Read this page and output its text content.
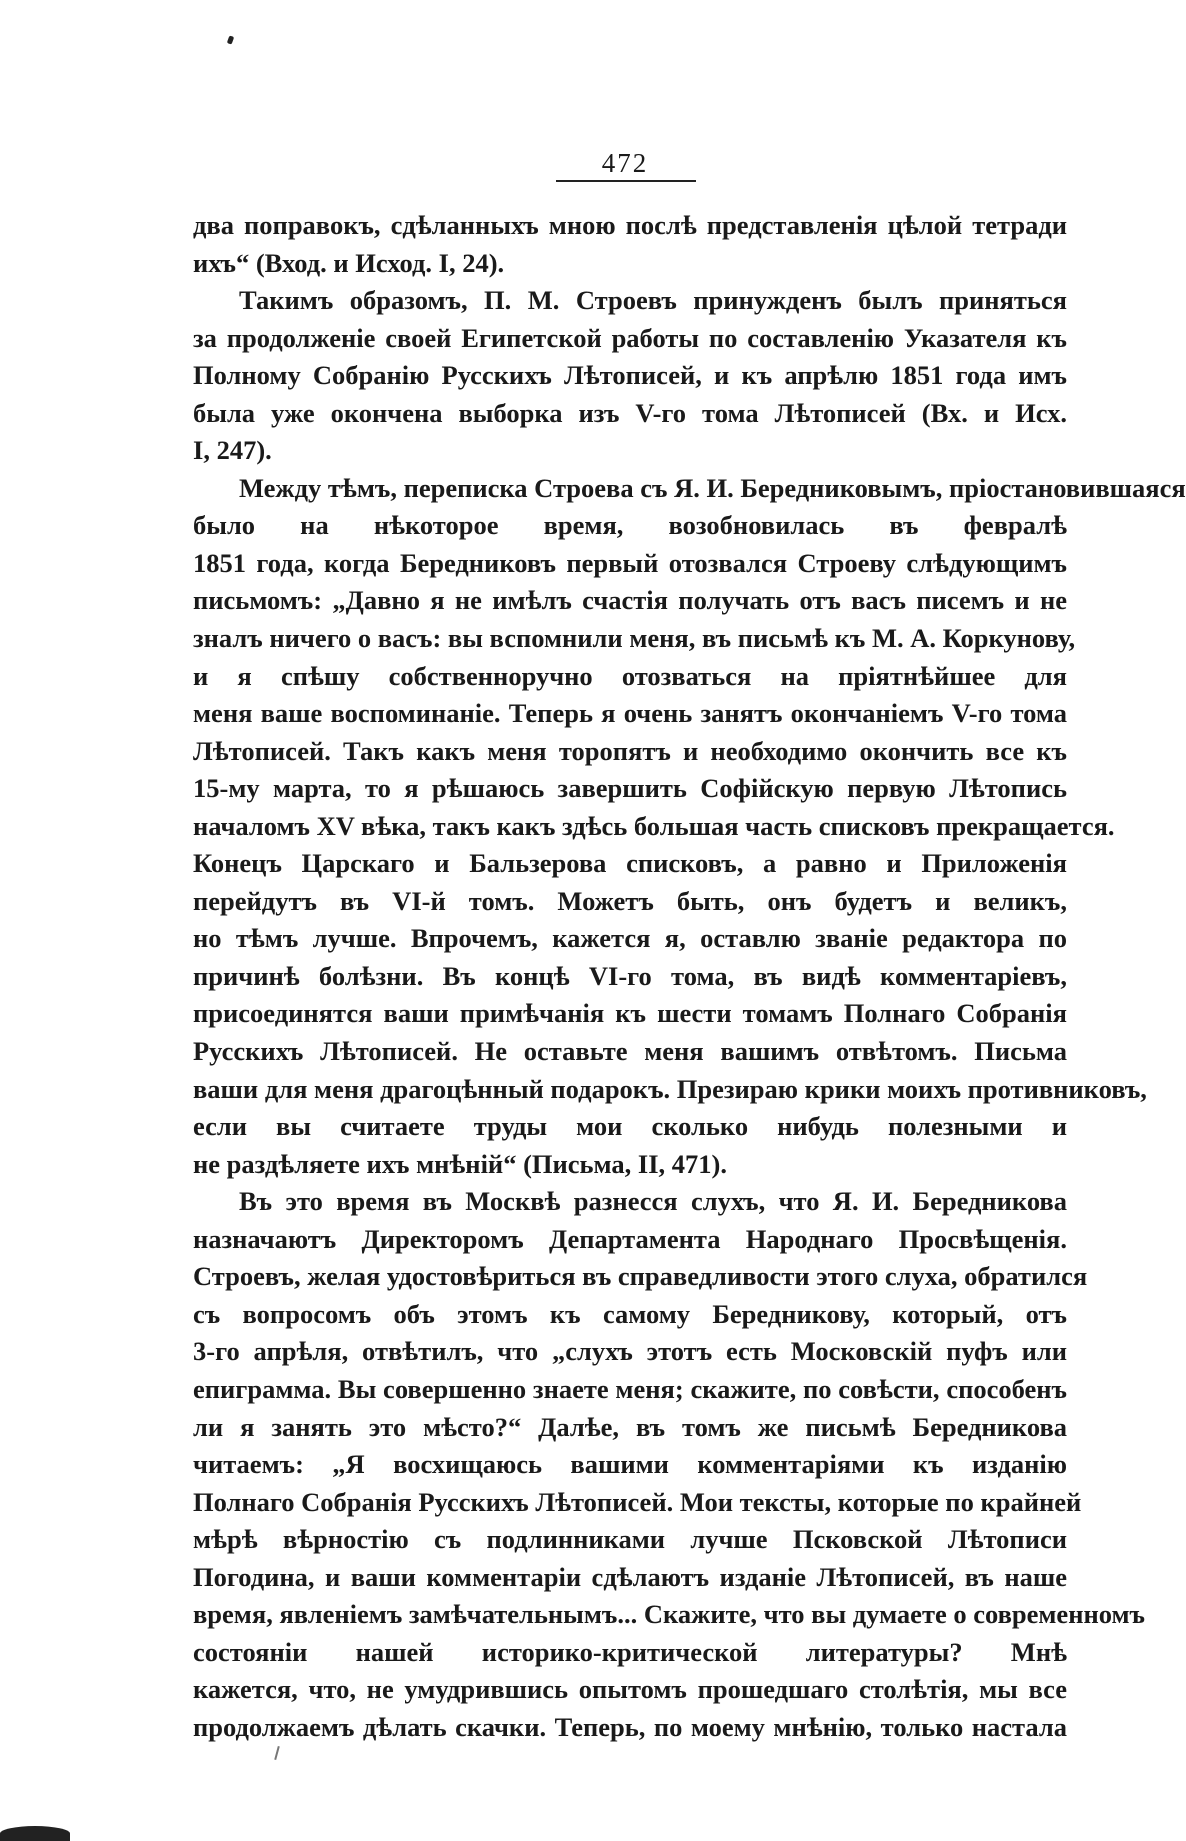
472
два поправокъ, сдѣланныхъ мною послѣ представленія цѣлой тетради
ихъ“ (Вход. и Исход. I, 24).
Такимъ образомъ, П. М. Строевъ принужденъ былъ приняться
за продолженіе своей Египетской работы по составленію Указателя къ
Полному Собранію Русскихъ Лѣтописей, и къ апрѣлю 1851 года имъ
была уже окончена выборка изъ V-го тома Лѣтописей (Вх. и Исх.
I, 247).
Между тѣмъ, переписка Строева съ Я. И. Бередниковымъ, пріостановившаяся
было на нѣкоторое время, возобновилась въ февралѣ
1851 года, когда Бередниковъ первый отозвался Строеву слѣдующимъ
письмомъ: „Давно я не имѣлъ счастія получать отъ васъ писемъ и не
зналъ ничего о васъ: вы вспомнили меня, въ письмѣ къ М. А. Коркунову,
и я спѣшу собственноручно отозваться на пріятнѣйшее для
меня ваше воспоминаніе. Теперь я очень занятъ окончаніемъ V-го тома
Лѣтописей. Такъ какъ меня торопятъ и необходимо окончить все къ
15-му марта, то я рѣшаюсь завершить Софійскую первую Лѣтопись
началомъ XV вѣка, такъ какъ здѣсь большая часть списковъ прекращается.
Конецъ Царскаго и Бальзерова списковъ, а равно и Приложенія
перейдутъ въ VI-й томъ. Можетъ быть, онъ будетъ и великъ,
но тѣмъ лучше. Впрочемъ, кажется я, оставлю званіе редактора по
причинѣ болѣзни. Въ концѣ VI-го тома, въ видѣ комментаріевъ,
присоединятся ваши примѣчанія къ шести томамъ Полнаго Собранія
Русскихъ Лѣтописей. Не оставьте меня вашимъ отвѣтомъ. Письма
ваши для меня драгоцѣнный подарокъ. Презираю крики моихъ противниковъ,
если вы считаете труды мои сколько нибудь полезными и
не раздѣляете ихъ мнѣній“ (Письма, II, 471).
Въ это время въ Москвѣ разнесся слухъ, что Я. И. Бередникова
назначаютъ Директоромъ Департамента Народнаго Просвѣщенія.
Строевъ, желая удостовѣриться въ справедливости этого слуха, обратился
съ вопросомъ объ этомъ къ самому Бередникову, который, отъ
3-го апрѣля, отвѣтилъ, что „слухъ этотъ есть Московскій пуфъ или
епиграмма. Вы совершенно знаете меня; скажите, по совѣсти, способенъ
ли я занять это мѣсто?“ Далѣе, въ томъ же письмѣ Бередникова
читаемъ: „Я восхищаюсь вашими комментаріями къ изданію
Полнаго Собранія Русскихъ Лѣтописей. Мои тексты, которые по крайней
мѣрѣ вѣрностію съ подлинниками лучше Псковской Лѣтописи
Погодина, и ваши комментаріи сдѣлаютъ изданіе Лѣтописей, въ наше
время, явленіемъ замѣчательнымъ... Скажите, что вы думаете о современномъ
состояніи нашей историко-критической литературы? Мнѣ
кажется, что, не умудрившись опытомъ прошедшаго столѣтія, мы все
продолжаемъ дѣлать скачки. Теперь, по моему мнѣнію, только настала
